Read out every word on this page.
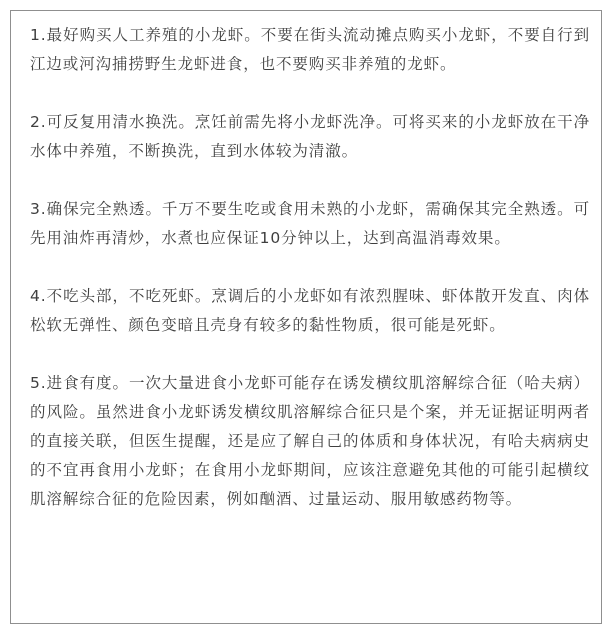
1.最好购买人工养殖的小龙虾。不要在街头流动摊点购买小龙虾，不要自行到江边或河沟捕捞野生龙虾进食，也不要购买非养殖的龙虾。

2.可反复用清水换洗。烹饪前需先将小龙虾洗净。可将买来的小龙虾放在干净水体中养殖，不断换洗，直到水体较为清澈。

3.确保完全熟透。千万不要生吃或食用未熟的小龙虾，需确保其完全熟透。可先用油炸再清炒，水煮也应保证10分钟以上，达到高温消毒效果。

4.不吃头部，不吃死虾。烹调后的小龙虾如有浓烈腥味、虾体散开发直、肉体松软无弹性、颜色变暗且壳身有较多的黏性物质，很可能是死虾。

5.进食有度。一次大量进食小龙虾可能存在诱发横纹肌溶解综合征（哈夫病）的风险。虽然进食小龙虾诱发横纹肌溶解综合征只是个案，并无证据证明两者的直接关联，但医生提醒，还是应了解自己的体质和身体状况，有哈夫病病史的不宜再食用小龙虾；在食用小龙虾期间，应该注意避免其他的可能引起横纹肌溶解综合征的危险因素，例如酗酒、过量运动、服用敏感药物等。
